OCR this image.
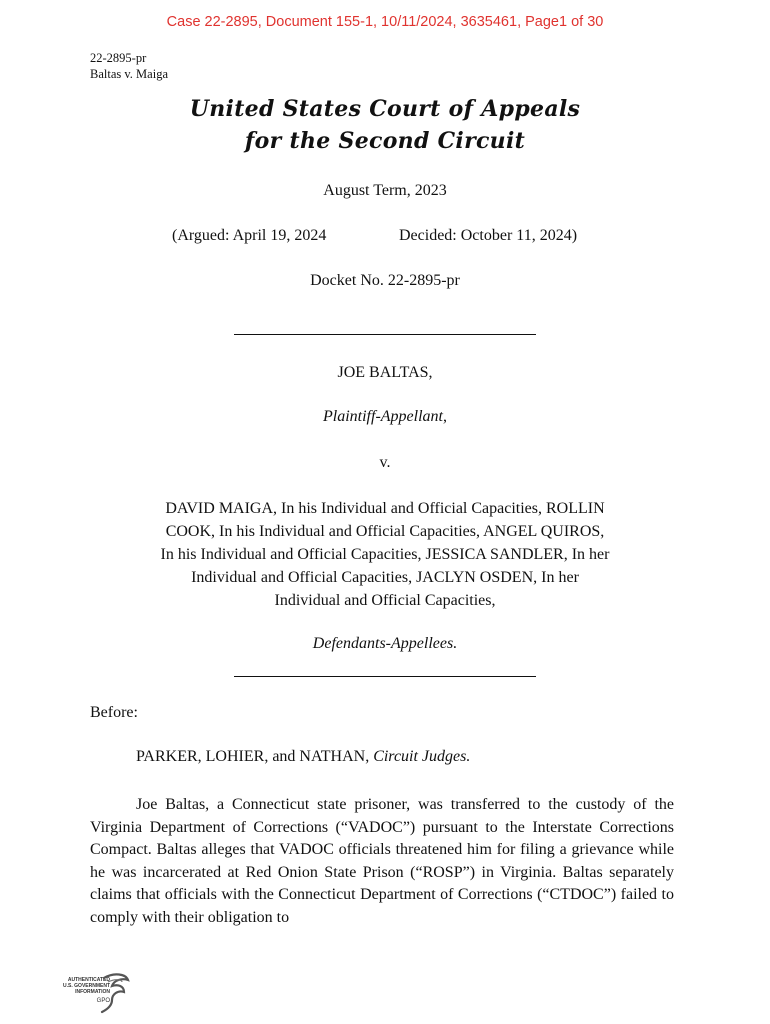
Case 22-2895, Document 155-1, 10/11/2024, 3635461, Page1 of 30
22-2895-pr
Baltas v. Maiga
United States Court of Appeals
for the Second Circuit
August Term, 2023
(Argued: April 19, 2024	Decided: October 11, 2024)
Docket No. 22-2895-pr
JOE BALTAS,
Plaintiff-Appellant,
v.
DAVID MAIGA, In his Individual and Official Capacities, ROLLIN
COOK, In his Individual and Official Capacities, ANGEL QUIROS,
In his Individual and Official Capacities, JESSICA SANDLER, In her
Individual and Official Capacities, JACLYN OSDEN, In her
Individual and Official Capacities,
Defendants-Appellees.
Before:
PARKER, LOHIER, and NATHAN, Circuit Judges.
Joe Baltas, a Connecticut state prisoner, was transferred to the custody of the Virginia Department of Corrections (“VADOC”) pursuant to the Interstate Corrections Compact. Baltas alleges that VADOC officials threatened him for filing a grievance while he was incarcerated at Red Onion State Prison (“ROSP”) in Virginia. Baltas separately claims that officials with the Connecticut Department of Corrections (“CTDOC”) failed to comply with their obligation to
AUTHENTICATED
U.S. GOVERNMENT
INFORMATION
GPO
